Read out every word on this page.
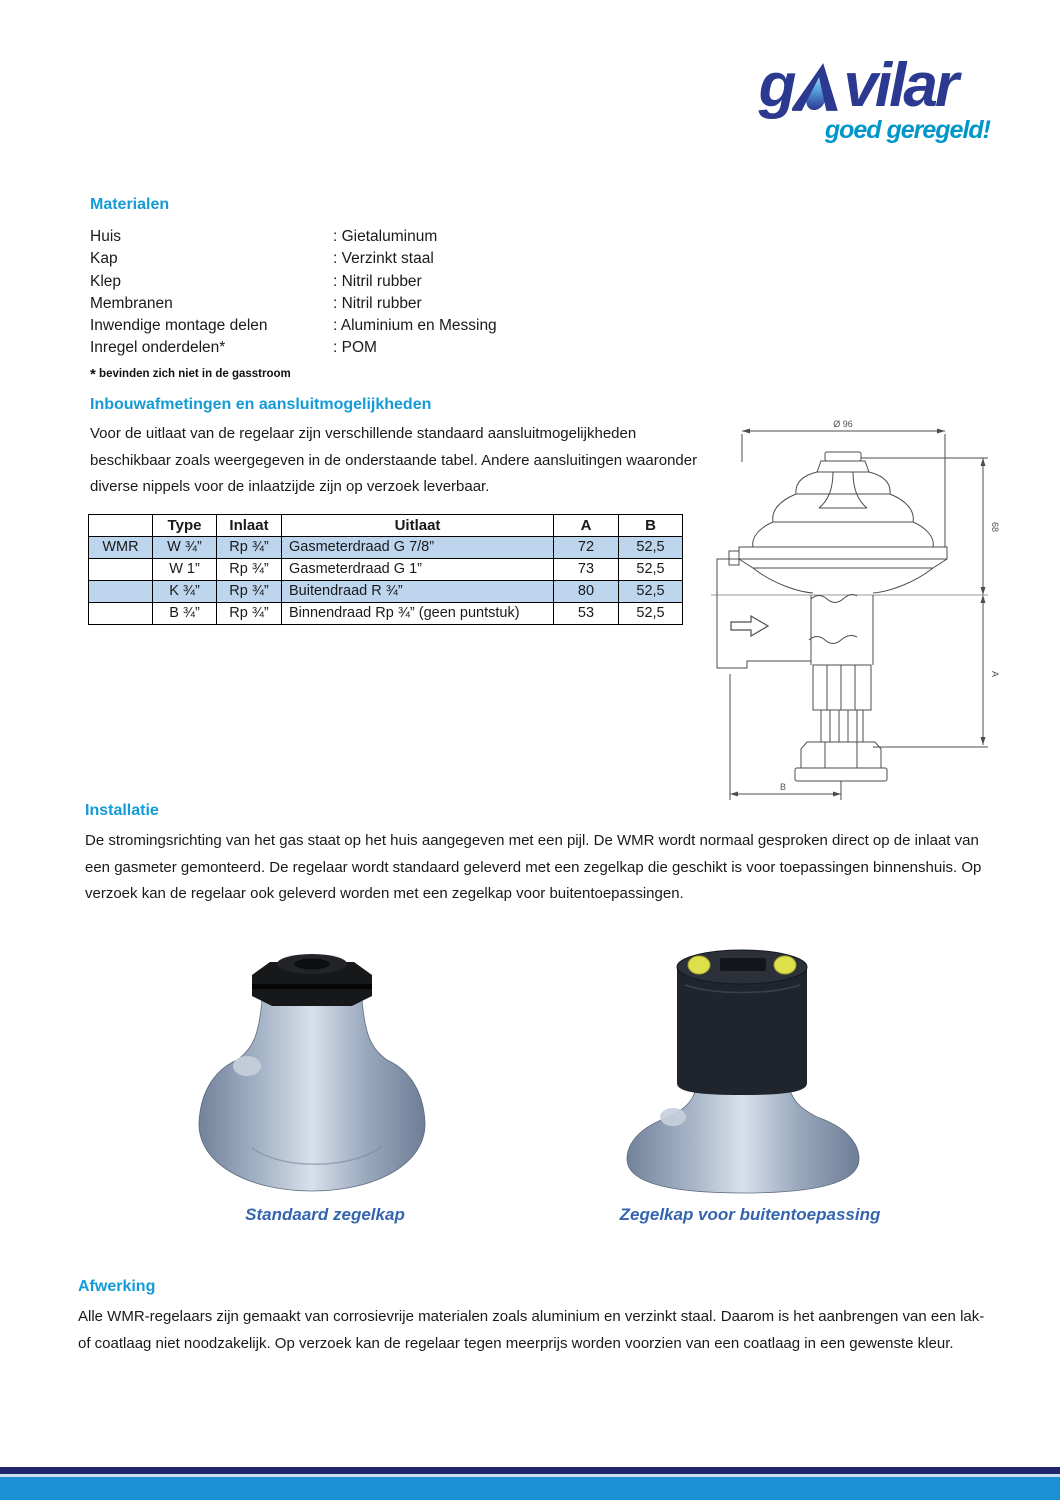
g vilar
goed geregeld!
Materialen
Huis	: Gietaluminum
Kap	: Verzinkt staal
Klep	: Nitril rubber
Membranen	: Nitril rubber
Inwendige montage delen	: Aluminium en Messing
Inregel onderdelen*	: POM
* bevinden zich niet in de gasstroom
Inbouwafmetingen en aansluitmogelijkheden
Voor de uitlaat van de regelaar zijn verschillende standaard aansluitmogelijkheden beschikbaar zoals weergegeven in de onderstaande tabel. Andere aansluitingen waaronder diverse nippels voor de inlaatzijde zijn op verzoek leverbaar.
	Type	Inlaat	Uitlaat	A	B
WMR	W ¾”	Rp ¾”	Gasmeterdraad G 7/8”	72	52,5
	W 1”	Rp ¾”	Gasmeterdraad G 1”	73	52,5
	K ¾”	Rp ¾”	Buitendraad R ¾”	80	52,5
	B ¾”	Rp ¾”	Binnendraad Rp ¾” (geen puntstuk)	53	52,5
Ø 96
68
A
B
Installatie
De stromingsrichting van het gas staat op het huis aangegeven met een pijl. De WMR wordt normaal gesproken direct op de inlaat van een gasmeter gemonteerd. De regelaar wordt standaard geleverd met een zegelkap die geschikt is voor toepassingen binnenshuis. Op verzoek kan de regelaar ook geleverd worden met een zegelkap voor buitentoepassingen.
Standaard zegelkap	Zegelkap voor buitentoepassing
Afwerking
Alle WMR-regelaars zijn gemaakt van corrosievrije materialen zoals aluminium en verzinkt staal. Daarom is het aanbrengen van een lak- of coatlaag niet noodzakelijk. Op verzoek kan de regelaar tegen meerprijs worden voorzien van een coatlaag in een gewenste kleur.
